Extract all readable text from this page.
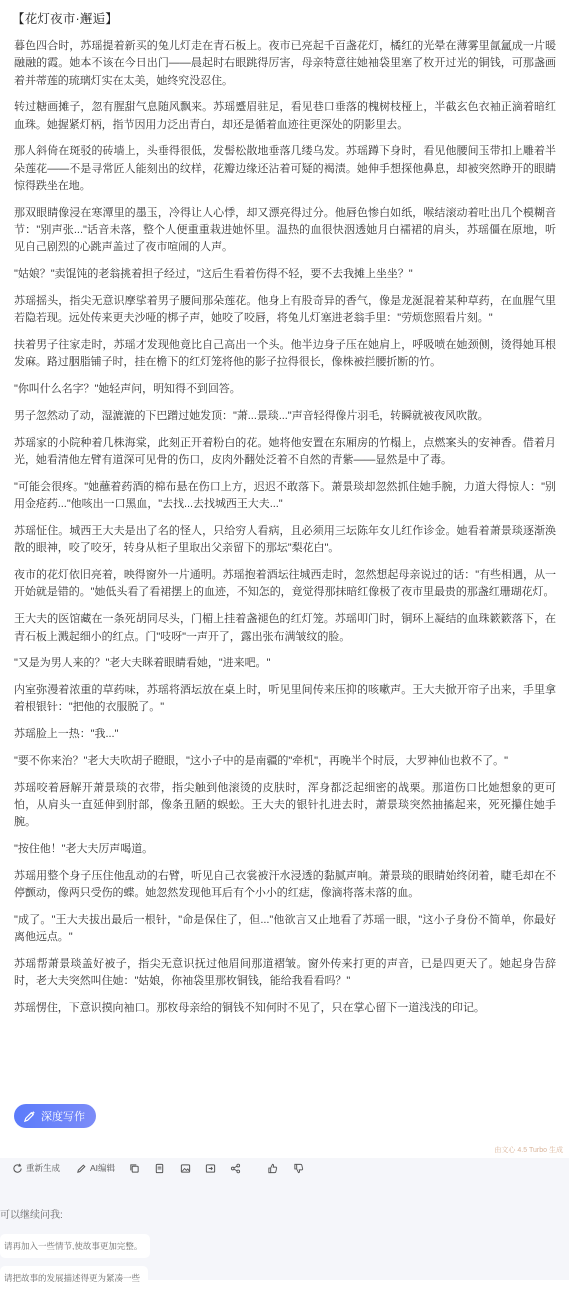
【花灯夜市·邂逅】

暮色四合时，苏瑶提着新买的兔儿灯走在青石板上。夜市已亮起千百盏花灯，橘红的光晕在薄雾里氤氲成一片暖融融的霞。她本不该在今日出门——晨起时右眼跳得厉害，母亲特意往她袖袋里塞了枚开过光的铜钱，可那盏画着并蒂莲的琉璃灯实在太美，她终究没忍住。

转过糖画摊子，忽有腥甜气息随风飘来。苏瑶蹙眉驻足，看见巷口垂落的槐树枝桠上，半截玄色衣袖正滴着暗红血珠。她握紧灯柄，指节因用力泛出青白，却还是循着血迹往更深处的阴影里去。

那人斜倚在斑驳的砖墙上，头垂得很低，发髻松散地垂落几缕乌发。苏瑶蹲下身时，看见他腰间玉带扣上雕着半朵莲花——不是寻常匠人能刻出的纹样，花瓣边缘还沾着可疑的褐渍。她伸手想探他鼻息，却被突然睁开的眼睛惊得跌坐在地。

那双眼睛像浸在寒潭里的墨玉，冷得让人心悸，却又漂亮得过分。他唇色惨白如纸，喉结滚动着吐出几个模糊音节："别声张..."话音未落，整个人便重重栽进她怀里。温热的血很快洇透她月白襦裙的肩头，苏瑶僵在原地，听见自己剧烈的心跳声盖过了夜市喧闹的人声。

"姑娘？"卖馄饨的老翁挑着担子经过，"这后生看着伤得不轻，要不去我摊上坐坐？"

苏瑶摇头，指尖无意识摩挲着男子腰间那朵莲花。他身上有股奇异的香气，像是龙涎混着某种草药，在血腥气里若隐若现。远处传来更夫沙哑的梆子声，她咬了咬唇，将兔儿灯塞进老翁手里："劳烦您照看片刻。"

扶着男子往家走时，苏瑶才发现他竟比自己高出一个头。他半边身子压在她肩上，呼吸喷在她颈侧，烫得她耳根发麻。路过胭脂铺子时，挂在檐下的红灯笼将他的影子拉得很长，像株被拦腰折断的竹。

"你叫什么名字？"她轻声问，明知得不到回答。

男子忽然动了动，湿漉漉的下巴蹭过她发顶："萧...景琰..."声音轻得像片羽毛，转瞬就被夜风吹散。

苏瑶家的小院种着几株海棠，此刻正开着粉白的花。她将他安置在东厢房的竹榻上，点燃案头的安神香。借着月光，她看清他左臂有道深可见骨的伤口，皮肉外翻处泛着不自然的青紫——显然是中了毒。

"可能会很疼。"她蘸着药酒的棉布悬在伤口上方，迟迟不敢落下。萧景琰却忽然抓住她手腕，力道大得惊人："别用金疮药..."他咳出一口黑血，"去找...去找城西王大夫..."

苏瑶怔住。城西王大夫是出了名的怪人，只给穷人看病，且必须用三坛陈年女儿红作诊金。她看着萧景琰逐渐涣散的眼神，咬了咬牙，转身从柜子里取出父亲留下的那坛"梨花白"。

夜市的花灯依旧亮着，映得窗外一片通明。苏瑶抱着酒坛往城西走时，忽然想起母亲说过的话："有些相遇，从一开始就是错的。"她低头看了看裙摆上的血迹，不知怎的，竟觉得那抹暗红像极了夜市里最贵的那盏红珊瑚花灯。

王大夫的医馆藏在一条死胡同尽头，门楣上挂着盏褪色的红灯笼。苏瑶叩门时，铜环上凝结的血珠簌簌落下，在青石板上溅起细小的红点。门"吱呀"一声开了，露出张布满皱纹的脸。

"又是为男人来的？"老大夫眯着眼睛看她，"进来吧。"

内室弥漫着浓重的草药味，苏瑶将酒坛放在桌上时，听见里间传来压抑的咳嗽声。王大夫掀开帘子出来，手里拿着根银针："把他的衣服脱了。"

苏瑶脸上一热："我..."

"要不你来治？"老大夫吹胡子瞪眼，"这小子中的是南疆的"牵机"，再晚半个时辰，大罗神仙也救不了。"

苏瑶咬着唇解开萧景琰的衣带，指尖触到他滚烫的皮肤时，浑身都泛起细密的战栗。那道伤口比她想象的更可怕，从肩头一直延伸到肘部，像条丑陋的蜈蚣。王大夫的银针扎进去时，萧景琰突然抽搐起来，死死攥住她手腕。

"按住他！"老大夫厉声喝道。

苏瑶用整个身子压住他乱动的右臂，听见自己衣裳被汗水浸透的黏腻声响。萧景琰的眼睛始终闭着，睫毛却在不停颤动，像两只受伤的蝶。她忽然发现他耳后有个小小的红痣，像滴将落未落的血。

"成了。"王大夫拔出最后一根针，"命是保住了，但..."他欲言又止地看了苏瑶一眼，"这小子身份不简单，你最好离他远点。"

苏瑶帮萧景琰盖好被子，指尖无意识抚过他眉间那道褶皱。窗外传来打更的声音，已是四更天了。她起身告辞时，老大夫突然叫住她："姑娘，你袖袋里那枚铜钱，能给我看看吗？"

苏瑶愣住，下意识摸向袖口。那枚母亲给的铜钱不知何时不见了，只在掌心留下一道浅浅的印记。

深度写作
由文心 4.5 Turbo 生成
重新生成	AI编辑
可以继续问我:
请再加入一些情节,使故事更加完整。
请把故事的发展描述得更为紧凑一些
